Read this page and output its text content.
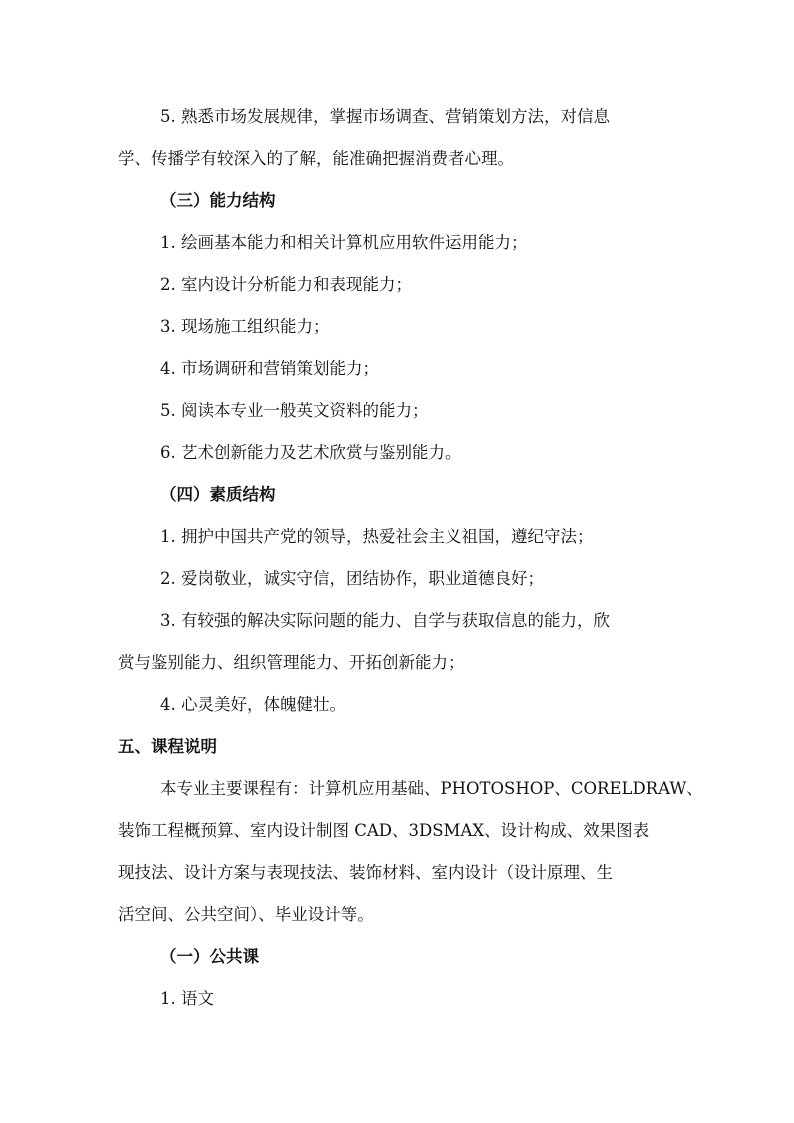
5. 熟悉市场发展规律，掌握市场调查、营销策划方法，对信息
学、传播学有较深入的了解，能准确把握消费者心理。
（三）能力结构
1. 绘画基本能力和相关计算机应用软件运用能力；
2. 室内设计分析能力和表现能力；
3. 现场施工组织能力；
4. 市场调研和营销策划能力；
5. 阅读本专业一般英文资料的能力；
6. 艺术创新能力及艺术欣赏与鉴别能力。
（四）素质结构
1. 拥护中国共产党的领导，热爱社会主义祖国，遵纪守法；
2. 爱岗敬业，诚实守信，团结协作，职业道德良好；
3. 有较强的解决实际问题的能力、自学与获取信息的能力，欣
赏与鉴别能力、组织管理能力、开拓创新能力；
4. 心灵美好，体魄健壮。
五、课程说明
本专业主要课程有：计算机应用基础、PHOTOSHOP、CORELDRAW、
装饰工程概预算、室内设计制图 CAD、3DSMAX、设计构成、效果图表
现技法、设计方案与表现技法、装饰材料、室内设计（设计原理、生
活空间、公共空间）、毕业设计等。
（一）公共课
1. 语文
